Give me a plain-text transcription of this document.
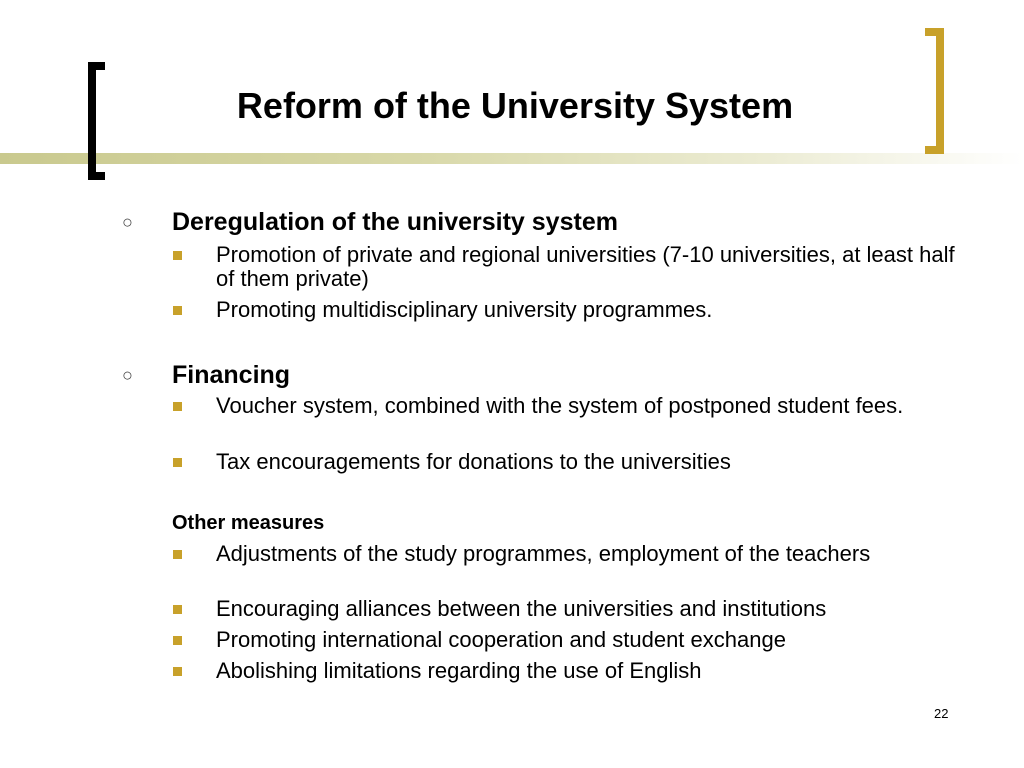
Reform of the University System
○ Deregulation of the university system
Promotion of private and regional universities (7-10 universities, at least half of them private)
Promoting multidisciplinary university programmes.
○ Financing
Voucher system, combined with the system of postponed student fees.
Tax encouragements for donations to the universities
Other measures
Adjustments of the study programmes, employment of the teachers
Encouraging alliances between the universities and institutions
Promoting international cooperation and student exchange
Abolishing limitations regarding the use of English
22
